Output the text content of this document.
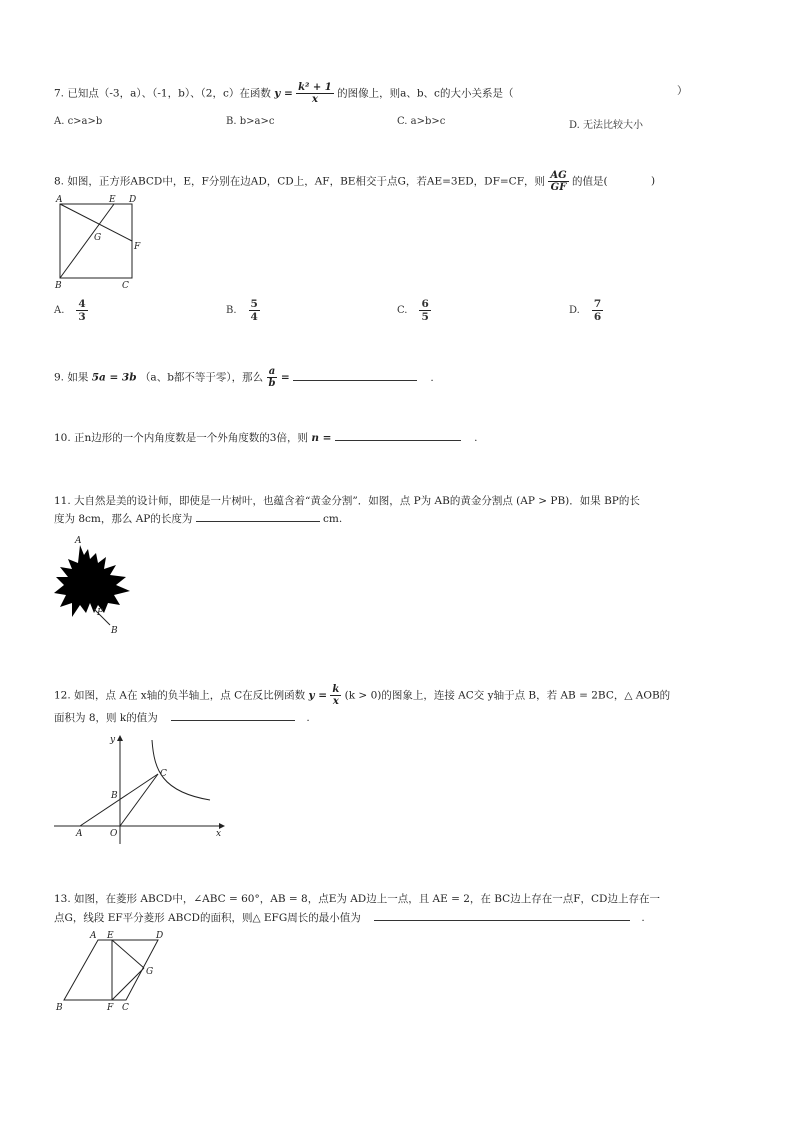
7. 已知点（-3，a）、（-1，b）、（2，c）在函数 $y = \frac{\text{k² + 1}}{x}$ 的图像上，则a、b、c的大小关系是（	）
A. c>a>b	B. b>a>c	C. a>b>c	D. 无法比较大小
8. 如图，正方形ABCD中，E，F分别在边AD，CD上，AF，BE相交于点G，若AE=3ED，DF=CF，则 $\frac{AG}{GF}$ 的值是(	)
A	E D
G
F
B	C
A. $\frac{4}{3}$	B. $\frac{5}{4}$	C. $\frac{6}{5}$	D. $\frac{7}{6}$
9. 如果 5a = 3b （a、b都不等于零），那么 $\frac{a}{b}$ =	.
10. 正n边形的一个内角度数是一个外角度数的3倍，则 n =	.
11. 大自然是美的设计师，即使是一片树叶，也蕴含着“黄金分割”．如图，点 P为 AB的黄金分割点 (AP > PB)．如果 BP的长
度为 8cm，那么 AP的长度为	cm.
A
P
B
12. 如图，点 A在 x轴的负半轴上，点 C在反比例函数 $y = \frac{k}{x} (k > 0)$的图象上，连接 AC交 y轴于点 B，若 AB = 2BC，△ AOB的
面积为 8，则 k的值为	.
y
C
B
A	O	x
13. 如图，在菱形 ABCD中，∠ABC = 60°，AB = 8，点E为 AD边上一点，且 AE = 2，在 BC边上存在一点F，CD边上存在一
点G，线段 EF平分菱形 ABCD的面积，则△ EFG周长的最小值为	.
A E	D
G
B	F C
